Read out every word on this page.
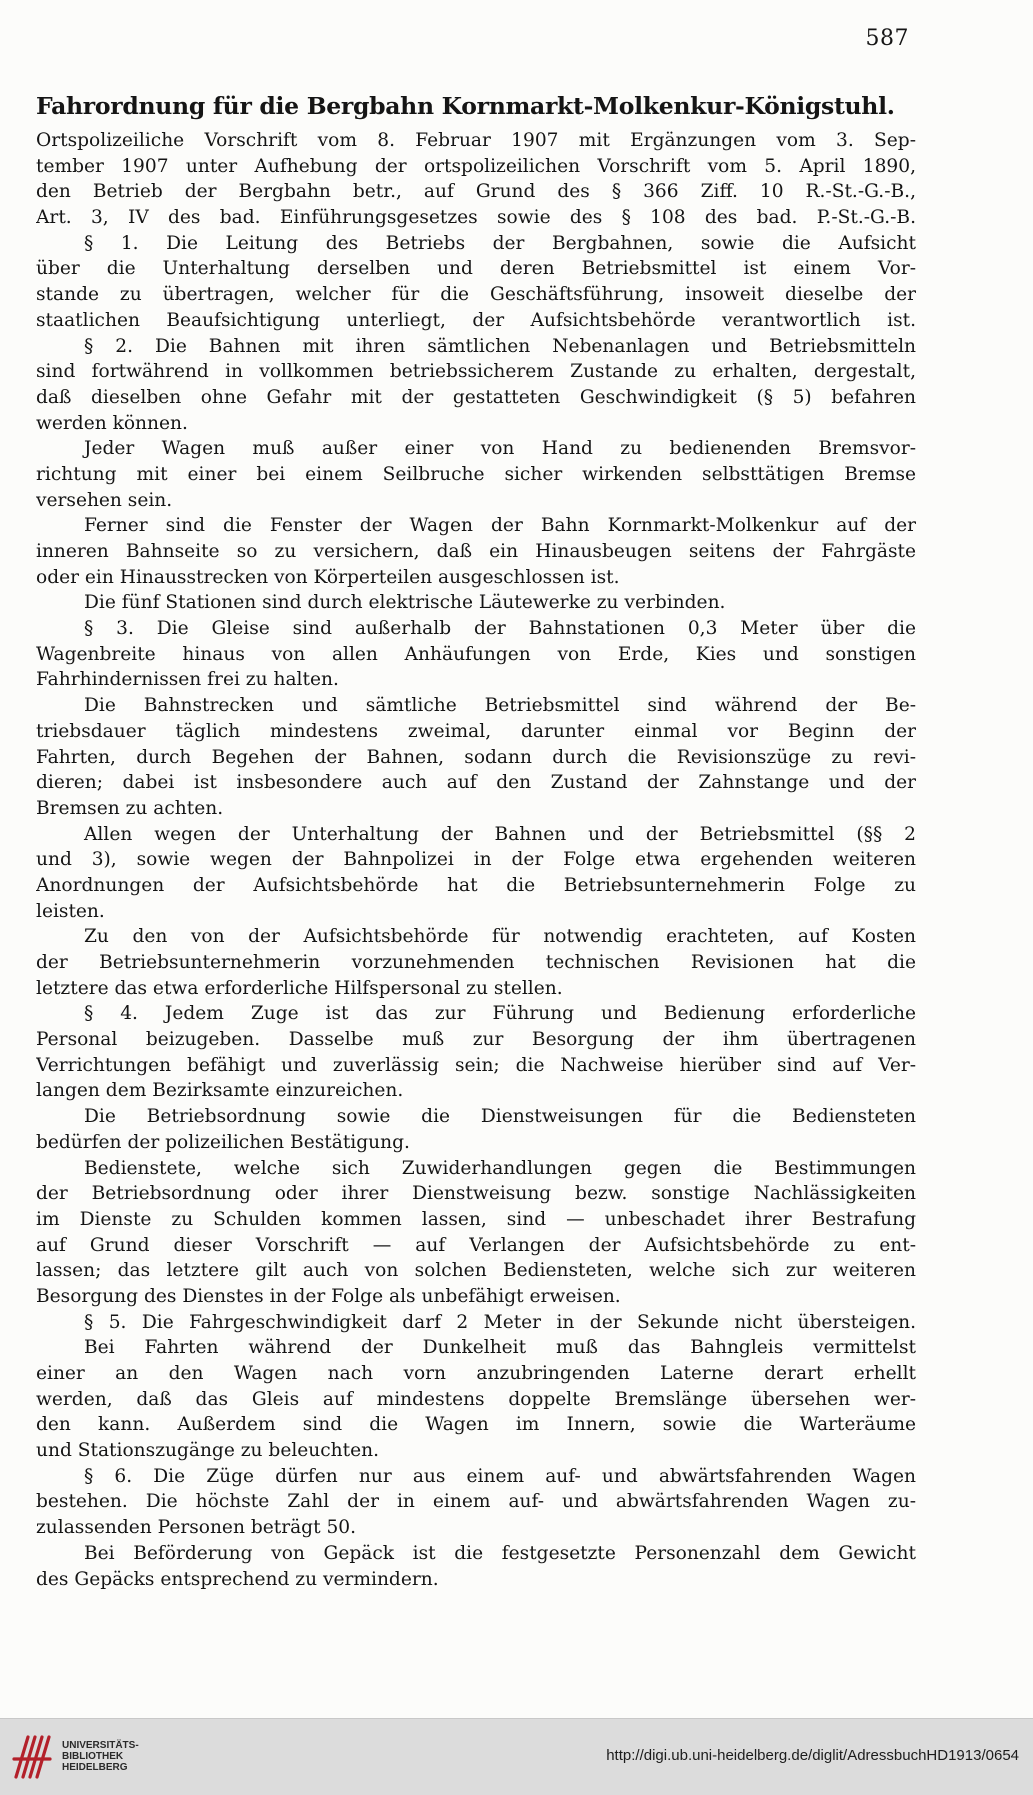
587
Fahrordnung für die Bergbahn Kornmarkt-Molkenkur-Königstuhl.
Ortspolizeiliche Vorschrift vom 8. Februar 1907 mit Ergänzungen vom 3. Sep-
tember 1907 unter Aufhebung der ortspolizeilichen Vorschrift vom 5. April 1890,
den Betrieb der Bergbahn betr., auf Grund des § 366 Ziff. 10 R.-St.-G.-B.,
Art. 3, IV des bad. Einführungsgesetzes sowie des § 108 des bad. P.-St.-G.-B.
§ 1. Die Leitung des Betriebs der Bergbahnen, sowie die Aufsicht
über die Unterhaltung derselben und deren Betriebsmittel ist einem Vor-
stande zu übertragen, welcher für die Geschäftsführung, insoweit dieselbe der
staatlichen Beaufsichtigung unterliegt, der Aufsichtsbehörde verantwortlich ist.
§ 2. Die Bahnen mit ihren sämtlichen Nebenanlagen und Betriebsmitteln
sind fortwährend in vollkommen betriebssicherem Zustande zu erhalten, dergestalt,
daß dieselben ohne Gefahr mit der gestatteten Geschwindigkeit (§ 5) befahren
werden können.
Jeder Wagen muß außer einer von Hand zu bedienenden Bremsvor-
richtung mit einer bei einem Seilbruche sicher wirkenden selbsttätigen Bremse
versehen sein.
Ferner sind die Fenster der Wagen der Bahn Kornmarkt-Molkenkur auf der
inneren Bahnseite so zu versichern, daß ein Hinausbeugen seitens der Fahrgäste
oder ein Hinausstrecken von Körperteilen ausgeschlossen ist.
Die fünf Stationen sind durch elektrische Läutewerke zu verbinden.
§ 3. Die Gleise sind außerhalb der Bahnstationen 0,3 Meter über die
Wagenbreite hinaus von allen Anhäufungen von Erde, Kies und sonstigen
Fahrhindernissen frei zu halten.
Die Bahnstrecken und sämtliche Betriebsmittel sind während der Be-
triebsdauer täglich mindestens zweimal, darunter einmal vor Beginn der
Fahrten, durch Begehen der Bahnen, sodann durch die Revisionszüge zu revi-
dieren; dabei ist insbesondere auch auf den Zustand der Zahnstange und der
Bremsen zu achten.
Allen wegen der Unterhaltung der Bahnen und der Betriebsmittel (§§ 2
und 3), sowie wegen der Bahnpolizei in der Folge etwa ergehenden weiteren
Anordnungen der Aufsichtsbehörde hat die Betriebsunternehmerin Folge zu
leisten.
Zu den von der Aufsichtsbehörde für notwendig erachteten, auf Kosten
der Betriebsunternehmerin vorzunehmenden technischen Revisionen hat die
letztere das etwa erforderliche Hilfspersonal zu stellen.
§ 4. Jedem Zuge ist das zur Führung und Bedienung erforderliche
Personal beizugeben. Dasselbe muß zur Besorgung der ihm übertragenen
Verrichtungen befähigt und zuverlässig sein; die Nachweise hierüber sind auf Ver-
langen dem Bezirksamte einzureichen.
Die Betriebsordnung sowie die Dienstweisungen für die Bediensteten
bedürfen der polizeilichen Bestätigung.
Bedienstete, welche sich Zuwiderhandlungen gegen die Bestimmungen
der Betriebsordnung oder ihrer Dienstweisung bezw. sonstige Nachlässigkeiten
im Dienste zu Schulden kommen lassen, sind — unbeschadet ihrer Bestrafung
auf Grund dieser Vorschrift — auf Verlangen der Aufsichtsbehörde zu ent-
lassen; das letztere gilt auch von solchen Bediensteten, welche sich zur weiteren
Besorgung des Dienstes in der Folge als unbefähigt erweisen.
§ 5. Die Fahrgeschwindigkeit darf 2 Meter in der Sekunde nicht übersteigen.
Bei Fahrten während der Dunkelheit muß das Bahngleis vermittelst
einer an den Wagen nach vorn anzubringenden Laterne derart erhellt
werden, daß das Gleis auf mindestens doppelte Bremslänge übersehen wer-
den kann. Außerdem sind die Wagen im Innern, sowie die Warteräume
und Stationszugänge zu beleuchten.
§ 6. Die Züge dürfen nur aus einem auf- und abwärtsfahrenden Wagen
bestehen. Die höchste Zahl der in einem auf- und abwärtsfahrenden Wagen zu-
zulassenden Personen beträgt 50.
Bei Beförderung von Gepäck ist die festgesetzte Personenzahl dem Gewicht
des Gepäcks entsprechend zu vermindern.
UNIVERSITÄTS-
BIBLIOTHEK
HEIDELBERG
http://digi.ub.uni-heidelberg.de/diglit/AdressbuchHD1913/0654
